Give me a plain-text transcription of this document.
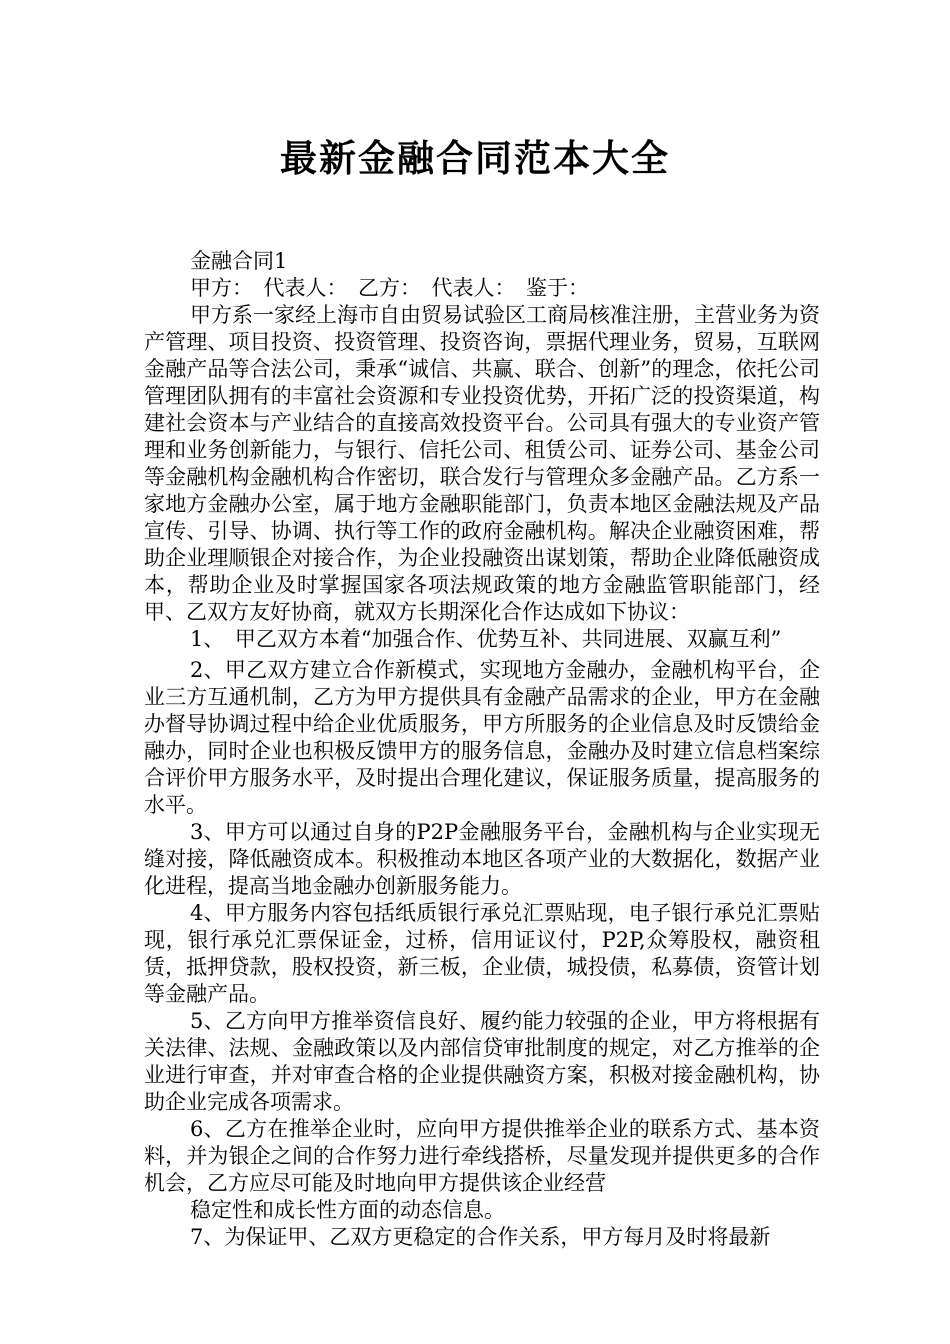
最新金融合同范本大全

金融合同1

甲方：　代表人：　乙方：　代表人：　鉴于：

甲方系一家经上海市自由贸易试验区工商局核准注册，主营业务为资产管理、项目投资、投资管理、投资咨询，票据代理业务，贸易，互联网金融产品等合法公司，秉承“诚信、共赢、联合、创新”的理念，依托公司管理团队拥有的丰富社会资源和专业投资优势，开拓广泛的投资渠道，构建社会资本与产业结合的直接高效投资平台。公司具有强大的专业资产管理和业务创新能力，与银行、信托公司、租赁公司、证券公司、基金公司等金融机构金融机构合作密切，联合发行与管理众多金融产品。乙方系一家地方金融办公室，属于地方金融职能部门，负责本地区金融法规及产品宣传、引导、协调、执行等工作的政府金融机构。解决企业融资困难，帮助企业理顺银企对接合作，为企业投融资出谋划策，帮助企业降低融资成本，帮助企业及时掌握国家各项法规政策的地方金融监管职能部门，经甲、乙双方友好协商，就双方长期深化合作达成如下协议：

1、　甲乙双方本着“加强合作、优势互补、共同进展、双赢互利”

2、甲乙双方建立合作新模式，实现地方金融办，金融机构平台，企业三方互通机制，乙方为甲方提供具有金融产品需求的企业，甲方在金融办督导协调过程中给企业优质服务，甲方所服务的企业信息及时反馈给金融办，同时企业也积极反馈甲方的服务信息，金融办及时建立信息档案综合评价甲方服务水平，及时提出合理化建议，保证服务质量，提高服务的水平。

3、甲方可以通过自身的P2P金融服务平台，金融机构与企业实现无缝对接，降低融资成本。积极推动本地区各项产业的大数据化，数据产业化进程，提高当地金融办创新服务能力。

4、甲方服务内容包括纸质银行承兑汇票贴现，电子银行承兑汇票贴现，银行承兑汇票保证金，过桥，信用证议付，P2P,众筹股权，融资租赁，抵押贷款，股权投资，新三板，企业债，城投债，私募债，资管计划等金融产品。

5、乙方向甲方推举资信良好、履约能力较强的企业，甲方将根据有关法律、法规、金融政策以及内部信贷审批制度的规定，对乙方推举的企业进行审查，并对审查合格的企业提供融资方案，积极对接金融机构，协助企业完成各项需求。

6、乙方在推举企业时，应向甲方提供推举企业的联系方式、基本资料，并为银企之间的合作努力进行牵线搭桥，尽量发现并提供更多的合作机会，乙方应尽可能及时地向甲方提供该企业经营

稳定性和成长性方面的动态信息。

7、为保证甲、乙双方更稳定的合作关系，甲方每月及时将最新
